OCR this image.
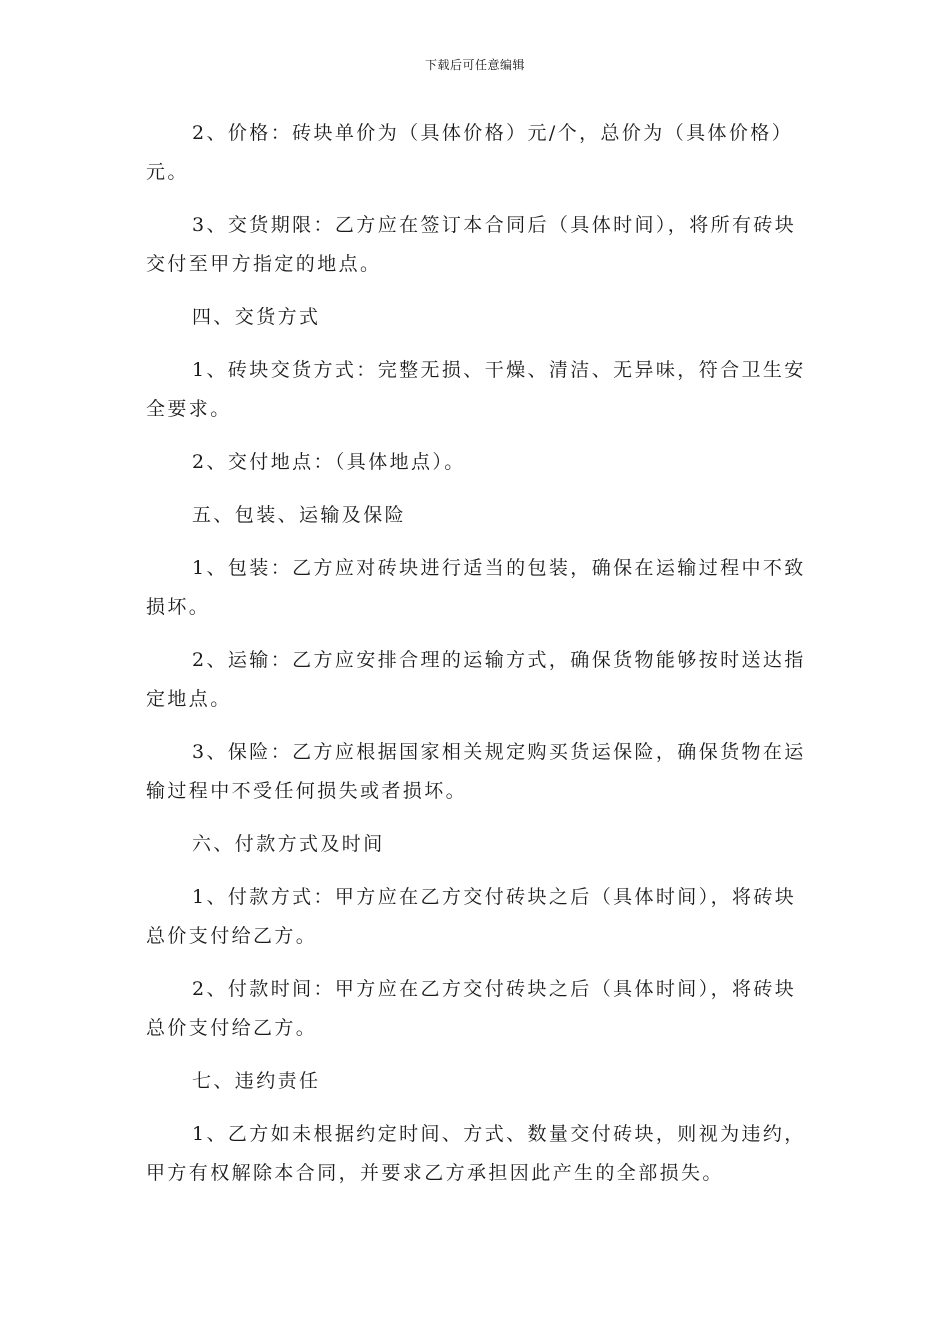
下载后可任意编辑

2、价格：砖块单价为（具体价格）元/个，总价为（具体价格）元。

3、交货期限：乙方应在签订本合同后（具体时间），将所有砖块交付至甲方指定的地点。

四、交货方式

1、砖块交货方式：完整无损、干燥、清洁、无异味，符合卫生安全要求。

2、交付地点：（具体地点）。

五、包装、运输及保险

1、包装：乙方应对砖块进行适当的包装，确保在运输过程中不致损坏。

2、运输：乙方应安排合理的运输方式，确保货物能够按时送达指定地点。

3、保险：乙方应根据国家相关规定购买货运保险，确保货物在运输过程中不受任何损失或者损坏。

六、付款方式及时间

1、付款方式：甲方应在乙方交付砖块之后（具体时间），将砖块总价支付给乙方。

2、付款时间：甲方应在乙方交付砖块之后（具体时间），将砖块总价支付给乙方。

七、违约责任

1、乙方如未根据约定时间、方式、数量交付砖块，则视为违约，甲方有权解除本合同，并要求乙方承担因此产生的全部损失。
